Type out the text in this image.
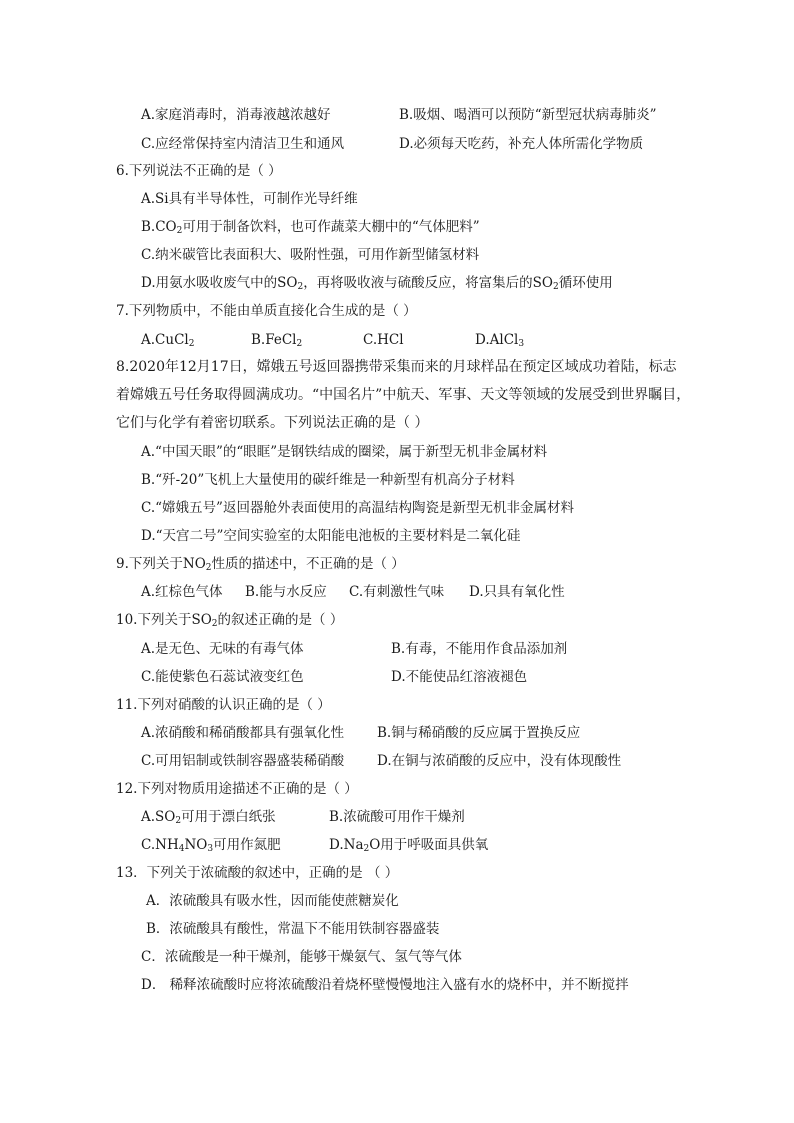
A.家庭消毒时，消毒液越浓越好	B.吸烟、喝酒可以预防“新型冠状病毒肺炎”
C.应经常保持室内清洁卫生和通风	D.必须每天吃药，补充人体所需化学物质
6.下列说法不正确的是（ ）
A.Si具有半导体性，可制作光导纤维
$B.CO_2$可用于制备饮料，也可作蔬菜大棚中的“气体肥料”
C.纳米碳管比表面积大、吸附性强，可用作新型储氢材料
D.用氨水吸收废气中的$SO_2$，再将吸收液与硫酸反应，将富集后的$SO_2$循环使用
7.下列物质中，不能由单质直接化合生成的是（ ）
A.CuCl$_2$	B.FeCl$_2$	C.HCl	D.AlCl$_3$
8.2020年12月17日，嫦娥五号返回器携带采集而来的月球样品在预定区域成功着陆，标志
着嫦娥五号任务取得圆满成功。“中国名片”中航天、军事、天文等领域的发展受到世界瞩目，
它们与化学有着密切联系。下列说法正确的是（ ）
A.“中国天眼”的“眼眶”是钢铁结成的圈梁，属于新型无机非金属材料
B.“歼-20”飞机上大量使用的碳纤维是一种新型有机高分子材料
C.“嫦娥五号”返回器舱外表面使用的高温结构陶瓷是新型无机非金属材料
D.“天宫二号”空间实验室的太阳能电池板的主要材料是二氧化硅
9.下列关于$NO_2$性质的描述中，不正确的是（ ）
A.红棕色气体 B.能与水反应 C.有刺激性气味 D.只具有氧化性
10.下列关于$SO_2$的叙述正确的是（ ）
A.是无色、无味的有毒气体	B.有毒，不能用作食品添加剂
C.能使紫色石蕊试液变红色	D.不能使品红溶液褪色
11.下列对硝酸的认识正确的是（ ）
A.浓硝酸和稀硝酸都具有强氧化性 B.铜与稀硝酸的反应属于置换反应
C.可用铝制或铁制容器盛装稀硝酸 D.在铜与浓硝酸的反应中，没有体现酸性
12.下列对物质用途描述不正确的是（ ）
$A.SO_2$可用于漂白纸张	B.浓硫酸可用作干燥剂
$C.NH_4NO_3$可用作氮肥	$D.Na_2O$用于呼吸面具供氧
13．下列关于浓硫酸的叙述中，正确的是 （ ）
A．浓硫酸具有吸水性，因而能使蔗糖炭化
B．浓硫酸具有酸性，常温下不能用铁制容器盛装
C．浓硫酸是一种干燥剂，能够干燥氨气、氢气等气体
D． 稀释浓硫酸时应将浓硫酸沿着烧杯壁慢慢地注入盛有水的烧杯中，并不断搅拌
